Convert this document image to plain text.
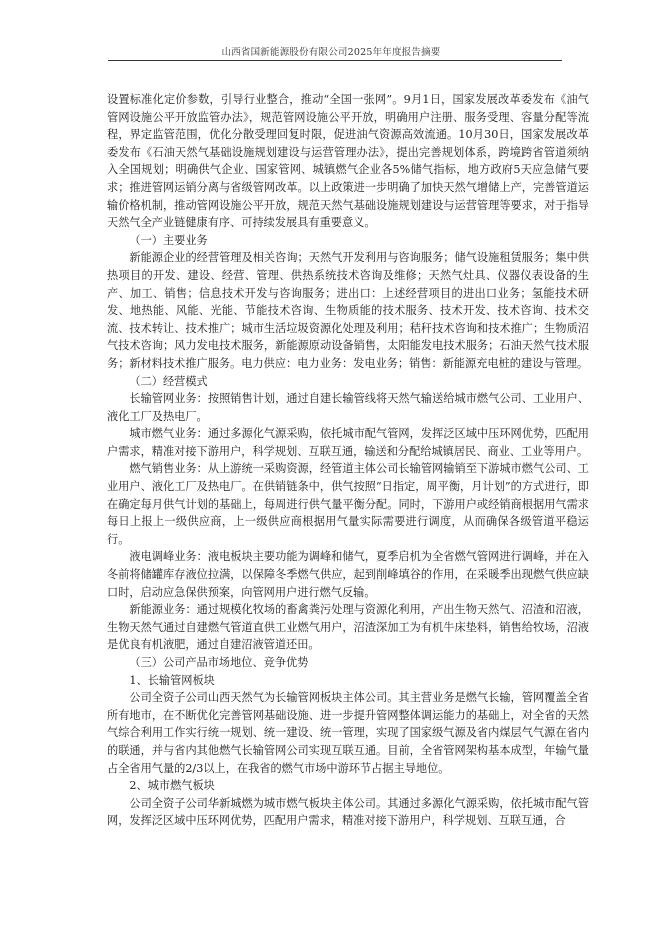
山西省国新能源股份有限公司2025年年度报告摘要

设置标准化定价参数，引导行业整合，推动“全国一张网”。9月1日，国家发展改革委发布《油气管网设施公平开放监管办法》，规范管网设施公平开放，明确用户注册、服务受理、容量分配等流程，界定监管范围，优化分散受理回复时限，促进油气资源高效流通。10月30日，国家发展改革委发布《石油天然气基础设施规划建设与运营管理办法》，提出完善规划体系，跨境跨省管道须纳入全国规划；明确供气企业、国家管网、城镇燃气企业各5%储气指标，地方政府5天应急储气要求；推进管网运销分离与省级管网改革。以上政策进一步明确了加快天然气增储上产，完善管道运输价格机制，推动管网设施公平开放，规范天然气基础设施规划建设与运营管理等要求，对于指导天然气全产业链健康有序、可持续发展具有重要意义。

（一）主要业务

新能源企业的经营管理及相关咨询；天然气开发利用与咨询服务；储气设施租赁服务；集中供热项目的开发、建设、经营、管理、供热系统技术咨询及维修；天然气灶具、仪器仪表设备的生产、加工、销售；信息技术开发与咨询服务；进出口：上述经营项目的进出口业务；氢能技术研发、地热能、风能、光能、节能技术咨询、生物质能的技术服务、技术开发、技术咨询、技术交流、技术转让、技术推广；城市生活垃圾资源化处理及利用；秸秆技术咨询和技术推广；生物质沼气技术咨询；风力发电技术服务，新能源原动设备销售，太阳能发电技术服务；石油天然气技术服务；新材料技术推广服务。电力供应：电力业务：发电业务；销售：新能源充电桩的建设与管理。

（二）经营模式

长输管网业务：按照销售计划，通过自建长输管线将天然气输送给城市燃气公司、工业用户、液化工厂及热电厂。

城市燃气业务：通过多源化气源采购，依托城市配气管网，发挥泛区域中压环网优势，匹配用户需求，精准对接下游用户，科学规划、互联互通，输送和分配给城镇居民、商业、工业等用户。

燃气销售业务：从上游统一采购资源，经管道主体公司长输管网输销至下游城市燃气公司、工业用户、液化工厂及热电厂。在供销链条中，供气按照“日指定，周平衡，月计划”的方式进行，即在确定每月供气计划的基础上，每周进行供气量平衡分配。同时，下游用户或经销商根据用气需求每日上报上一级供应商，上一级供应商根据用气量实际需要进行调度，从而确保各级管道平稳运行。

液电调峰业务：液电板块主要功能为调峰和储气，夏季启机为全省燃气管网进行调峰，并在入冬前将储罐库存液位拉满，以保障冬季燃气供应，起到削峰填谷的作用，在采暖季出现燃气供应缺口时，启动应急保供预案，向管网用户进行燃气反输。

新能源业务：通过规模化牧场的畜禽粪污处理与资源化利用，产出生物天然气、沼渣和沼液，生物天然气通过自建燃气管道直供工业燃气用户，沼渣深加工为有机牛床垫料，销售给牧场，沼液是优良有机液肥，通过自建沼液管道还田。

（三）公司产品市场地位、竞争优势

1、长输管网板块

公司全资子公司山西天然气为长输管网板块主体公司。其主营业务是燃气长输，管网覆盖全省所有地市，在不断优化完善管网基础设施、进一步提升管网整体调运能力的基础上，对全省的天然气综合利用工作实行统一规划、统一建设、统一管理，实现了国家级气源及省内煤层气气源在省内的联通，并与省内其他燃气长输管网公司实现互联互通。目前，全省管网架构基本成型，年输气量占全省用气量的2/3以上，在我省的燃气市场中游环节占据主导地位。

2、城市燃气板块

公司全资子公司华新城燃为城市燃气板块主体公司。其通过多源化气源采购，依托城市配气管网，发挥泛区域中压环网优势，匹配用户需求，精准对接下游用户，科学规划、互联互通，合
